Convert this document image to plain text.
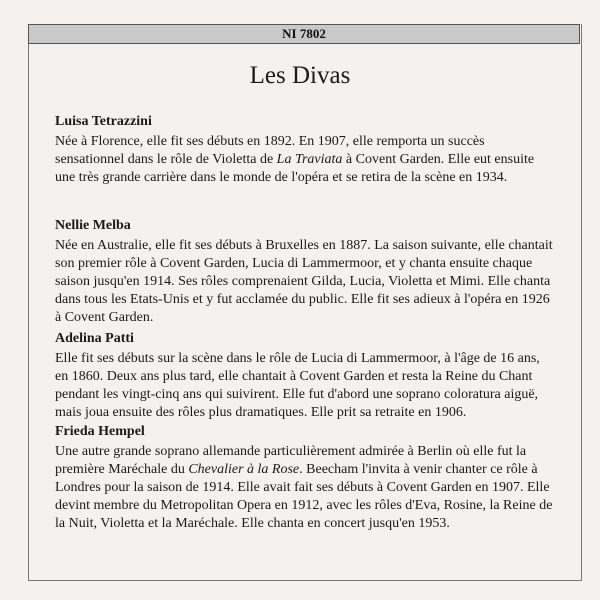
NI 7802
Les Divas

Luisa Tetrazzini

Née à Florence, elle fit ses débuts en 1892. En 1907, elle remporta un succès sensationnel dans le rôle de Violetta de La Traviata à Covent Garden. Elle eut ensuite une très grande carrière dans le monde de l'opéra et se retira de la scène en 1934.

Nellie Melba

Née en Australie, elle fit ses débuts à Bruxelles en 1887. La saison suivante, elle chantait son premier rôle à Covent Garden, Lucia di Lammermoor, et y chanta ensuite chaque saison jusqu'en 1914. Ses rôles comprenaient Gilda, Lucia, Violetta et Mimi. Elle chanta dans tous les Etats-Unis et y fut acclamée du public. Elle fit ses adieux à l'opéra en 1926 à Covent Garden.

Adelina Patti

Elle fit ses débuts sur la scène dans le rôle de Lucia di Lammermoor, à l'âge de 16 ans, en 1860. Deux ans plus tard, elle chantait à Covent Garden et resta la Reine du Chant pendant les vingt-cinq ans qui suivirent. Elle fut d'abord une soprano coloratura aiguë, mais joua ensuite des rôles plus dramatiques. Elle prit sa retraite en 1906.

Frieda Hempel

Une autre grande soprano allemande particulièrement admirée à Berlin où elle fut la première Maréchale du Chevalier à la Rose. Beecham l'invita à venir chanter ce rôle à Londres pour la saison de 1914. Elle avait fait ses débuts à Covent Garden en 1907. Elle devint membre du Metropolitan Opera en 1912, avec les rôles d'Eva, Rosine, la Reine de la Nuit, Violetta et la Maréchale. Elle chanta en concert jusqu'en 1953.
